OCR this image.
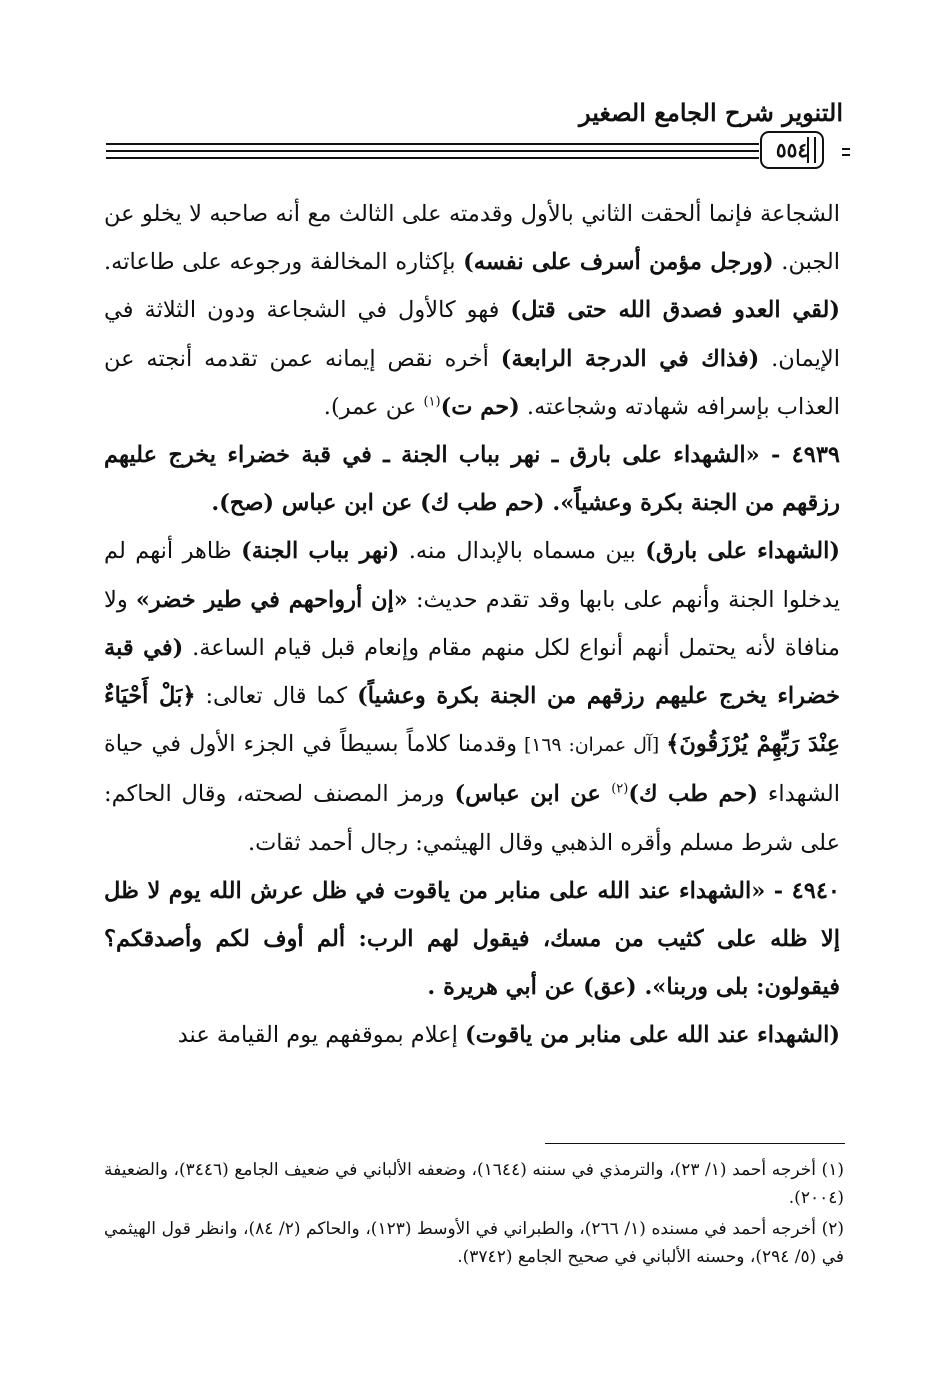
التنوير شرح الجامع الصغير
٥٥٤

الشجاعة فإنما ألحقت الثاني بالأول وقدمته على الثالث مع أنه صاحبه لا يخلو عن الجبن. (ورجل مؤمن أسرف على نفسه) بإكثاره المخالفة ورجوعه على طاعاته. (لقي العدو فصدق الله حتى قتل) فهو كالأول في الشجاعة ودون الثلاثة في الإيمان. (فذاك في الدرجة الرابعة) أخره نقص إيمانه عمن تقدمه أنجته عن العذاب بإسرافه شهادته وشجاعته. (حم ت)$^{(١)}$ عن عمر).

٤٩٣٩ - «الشهداء على بارق ـ نهر بباب الجنة ـ في قبة خضراء يخرج عليهم رزقهم من الجنة بكرة وعشياً». (حم طب ك) عن ابن عباس (صح).

(الشهداء على بارق) بين مسماه بالإبدال منه. (نهر بباب الجنة) ظاهر أنهم لم يدخلوا الجنة وأنهم على بابها وقد تقدم حديث: «إن أرواحهم في طير خضر» ولا منافاة لأنه يحتمل أنهم أنواع لكل منهم مقام وإنعام قبل قيام الساعة. (في قبة خضراء يخرج عليهم رزقهم من الجنة بكرة وعشياً) كما قال تعالى: ﴿بَلْ أَحْيَاءٌ عِنْدَ رَبِّهِمْ يُرْزَقُونَ﴾ [آل عمران: ١٦٩] وقدمنا كلاماً بسيطاً في الجزء الأول في حياة الشهداء (حم طب ك)$^{(٢)}$ عن ابن عباس) ورمز المصنف لصحته، وقال الحاكم: على شرط مسلم وأقره الذهبي وقال الهيثمي: رجال أحمد ثقات.

٤٩٤٠ - «الشهداء عند الله على منابر من ياقوت في ظل عرش الله يوم لا ظل إلا ظله على كثيب من مسك، فيقول لهم الرب: ألم أوف لكم وأصدقكم؟ فيقولون: بلى وربنا». (عق) عن أبي هريرة .

(الشهداء عند الله على منابر من ياقوت) إعلام بموقفهم يوم القيامة عند

(١) أخرجه أحمد (١/ ٢٣)، والترمذي في سننه (١٦٤٤)، وضعفه الألباني في ضعيف الجامع (٣٤٤٦)، والضعيفة (٢٠٠٤).

(٢) أخرجه أحمد في مسنده (١/ ٢٦٦)، والطبراني في الأوسط (١٢٣)، والحاكم (٢/ ٨٤)، وانظر قول الهيثمي في (٥/ ٢٩٤)، وحسنه الألباني في صحيح الجامع (٣٧٤٢).
